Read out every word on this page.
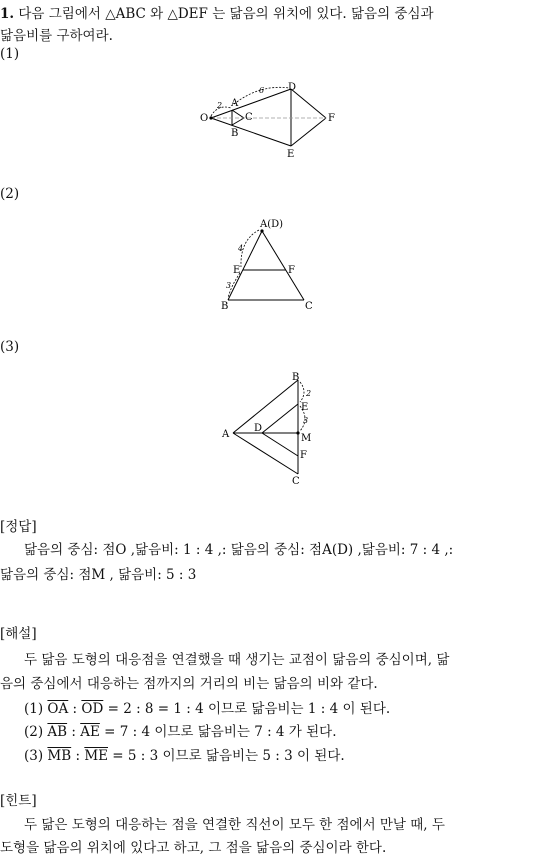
1. 다음 그림에서 △ABC 와 △DEF 는 닮음의 위치에 있다. 닮음의 중심과
닮음비를 구하여라.
(1)
O
A
B
C
D
E
F
2
6
(2)
A(D)
E	F
B	C
4
3
(3)
A
B
C
D
E
F
M
2
3
[정답]
닮음의 중심: 점O ,닮음비: 1 : 4 ,: 닮음의 중심: 점A(D) ,닮음비: 7 : 4 ,:
닮음의 중심: 점M , 닮음비: 5 : 3
[해설]
두 닮음 도형의 대응점을 연결했을 때 생기는 교점이 닮음의 중심이며, 닮
음의 중심에서 대응하는 점까지의 거리의 비는 닮음의 비와 같다.
(1) $\overline{OA}$ : $\overline{OD} = 2$ : 8 = 1 : 4 이므로 닮음비는 1 : 4 이 된다.
(2) $\overline{AB}$ : $\overline{AE} = 7$ : 4 이므로 닮음비는 7 : 4 가 된다.
(3) $\overline{MB}$ : $\overline{ME} = 5$ : 3 이므로 닮음비는 5 : 3 이 된다.
[힌트]
두 닮은 도형의 대응하는 점을 연결한 직선이 모두 한 점에서 만날 때, 두
도형을 닮음의 위치에 있다고 하고, 그 점을 닮음의 중심이라 한다.
